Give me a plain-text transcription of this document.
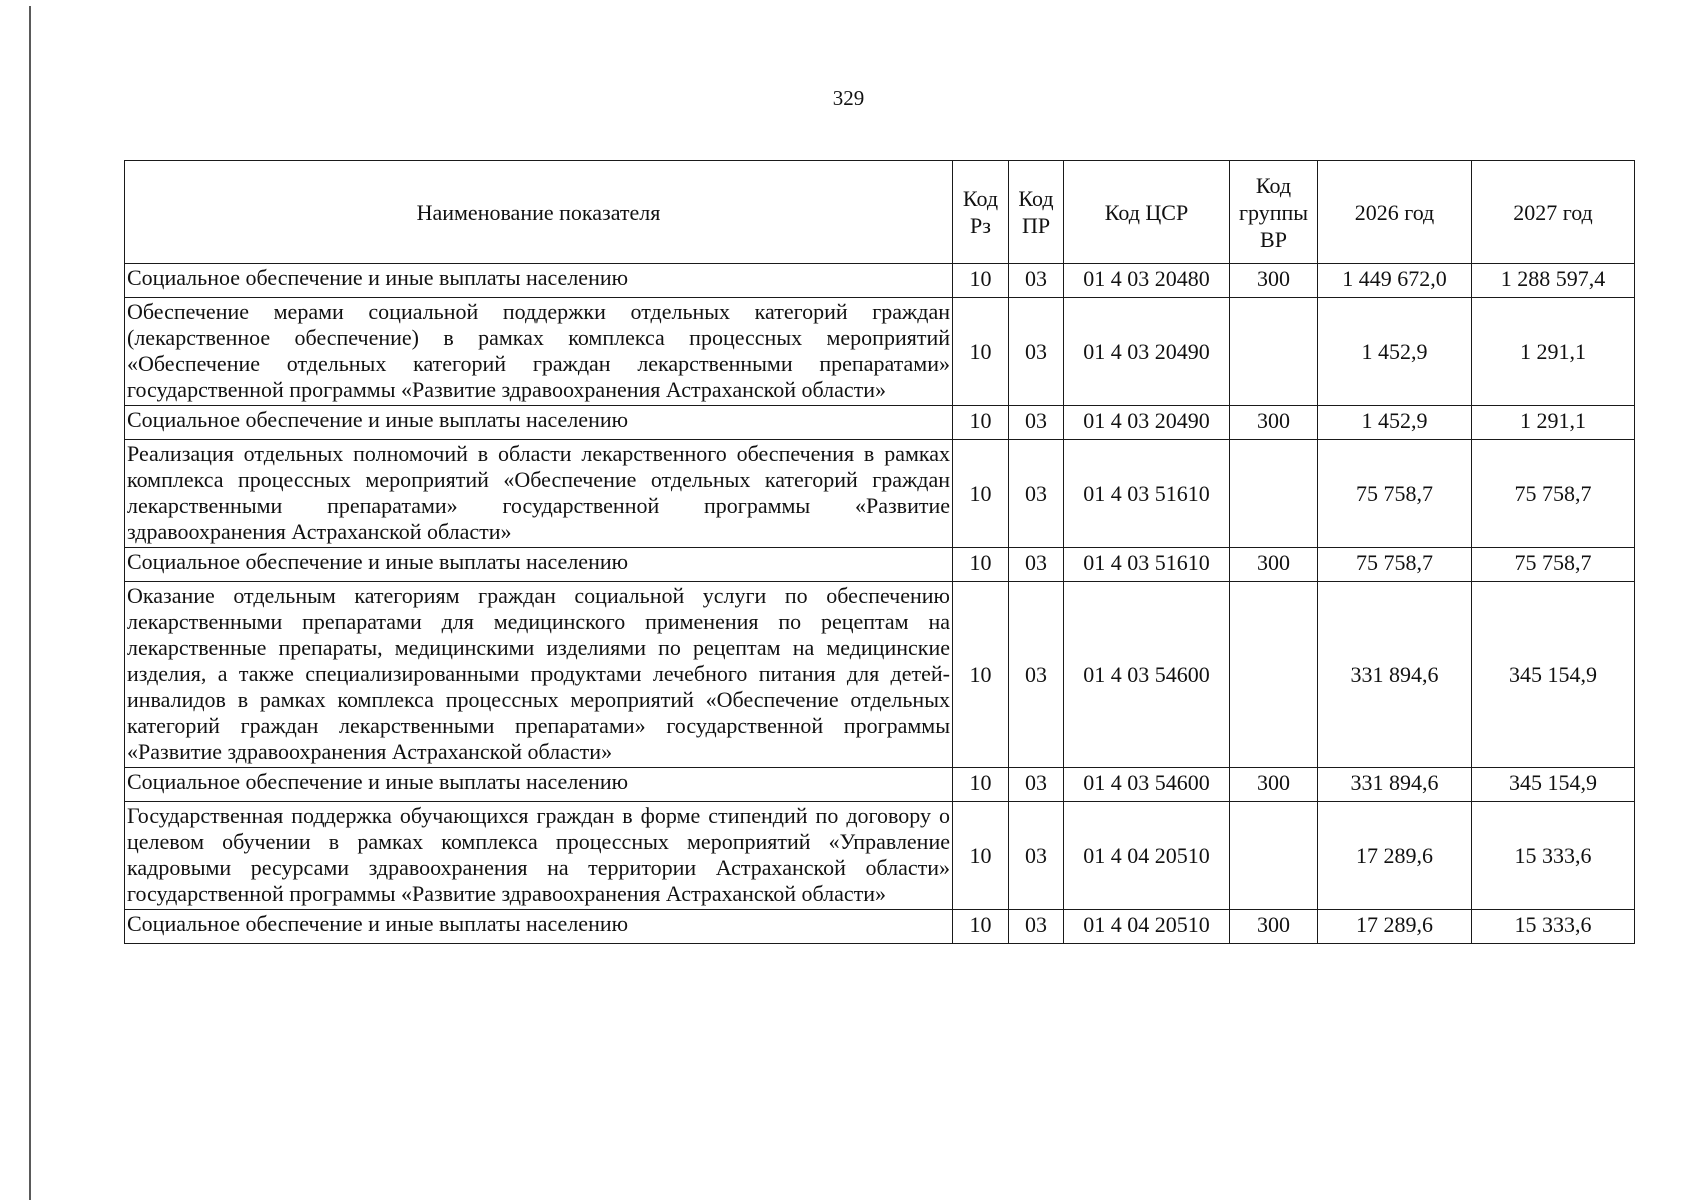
329
Наименование показателя	Код Рз	Код ПР	Код ЦСР	Код группы ВР	2026 год	2027 год
Социальное обеспечение и иные выплаты населению	10	03	01 4 03 20480	300	1 449 672,0	1 288 597,4
Обеспечение мерами социальной поддержки отдельных категорий граждан (лекарственное обеспечение) в рамках комплекса процессных мероприятий «Обеспечение отдельных категорий граждан лекарственными препаратами» государственной программы «Развитие здравоохранения Астраханской области»	10	03	01 4 03 20490		1 452,9	1 291,1
Социальное обеспечение и иные выплаты населению	10	03	01 4 03 20490	300	1 452,9	1 291,1
Реализация отдельных полномочий в области лекарственного обеспечения в рамках комплекса процессных мероприятий «Обеспечение отдельных категорий граждан лекарственными препаратами» государственной программы «Развитие здравоохранения Астраханской области»	10	03	01 4 03 51610		75 758,7	75 758,7
Социальное обеспечение и иные выплаты населению	10	03	01 4 03 51610	300	75 758,7	75 758,7
Оказание отдельным категориям граждан социальной услуги по обеспечению лекарственными препаратами для медицинского применения по рецептам на лекарственные препараты, медицинскими изделиями по рецептам на медицинские изделия, а также специализированными продуктами лечебного питания для детей-инвалидов в рамках комплекса процессных мероприятий «Обеспечение отдельных категорий граждан лекарственными препаратами» государственной программы «Развитие здравоохранения Астраханской области»	10	03	01 4 03 54600		331 894,6	345 154,9
Социальное обеспечение и иные выплаты населению	10	03	01 4 03 54600	300	331 894,6	345 154,9
Государственная поддержка обучающихся граждан в форме стипендий по договору о целевом обучении в рамках комплекса процессных мероприятий «Управление кадровыми ресурсами здравоохранения на территории Астраханской области» государственной программы «Развитие здравоохранения Астраханской области»	10	03	01 4 04 20510		17 289,6	15 333,6
Социальное обеспечение и иные выплаты населению	10	03	01 4 04 20510	300	17 289,6	15 333,6
